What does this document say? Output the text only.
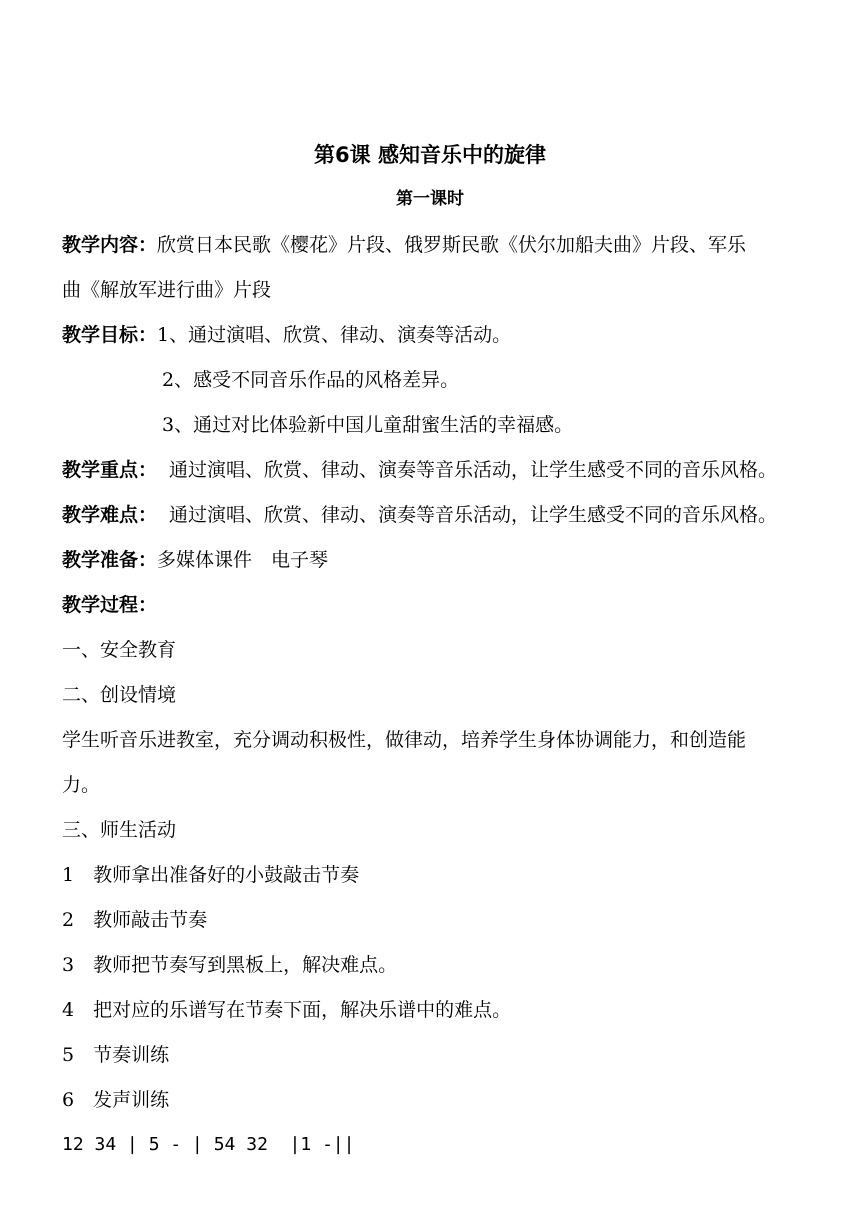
第6课 感知音乐中的旋律
第一课时
教学内容：欣赏日本民歌《樱花》片段、俄罗斯民歌《伏尔加船夫曲》片段、军乐
曲《解放军进行曲》片段
教学目标：1、通过演唱、欣赏、律动、演奏等活动。
2、感受不同音乐作品的风格差异。
3、通过对比体验新中国儿童甜蜜生活的幸福感。
教学重点： 通过演唱、欣赏、律动、演奏等音乐活动，让学生感受不同的音乐风格。
教学难点： 通过演唱、欣赏、律动、演奏等音乐活动，让学生感受不同的音乐风格。
教学准备：多媒体课件　电子琴
教学过程：
一、安全教育
二、创设情境
学生听音乐进教室，充分调动积极性，做律动，培养学生身体协调能力，和创造能
力。
三、师生活动
1　教师拿出准备好的小鼓敲击节奏
2　教师敲击节奏
3　教师把节奏写到黑板上，解决难点。
4　把对应的乐谱写在节奏下面，解决乐谱中的难点。
5　节奏训练
6　发声训练
12 34 ∣ 5 - ∣ 54 32  ∣1 -∣∣
